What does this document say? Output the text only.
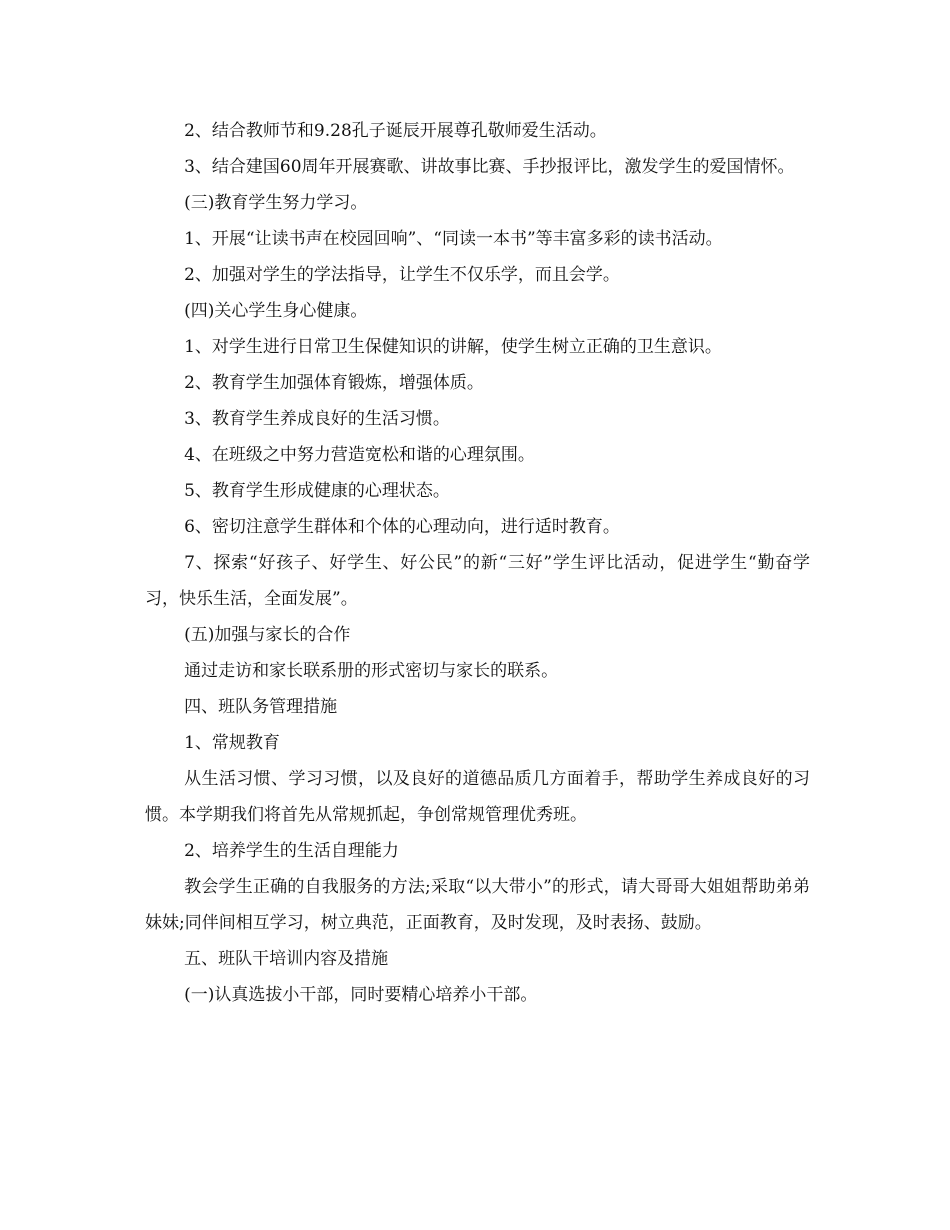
2、结合教师节和9.28孔子诞辰开展尊孔敬师爱生活动。

3、结合建国60周年开展赛歌、讲故事比赛、手抄报评比，激发学生的爱国情怀。

(三)教育学生努力学习。

1、开展“让读书声在校园回响”、“同读一本书”等丰富多彩的读书活动。

2、加强对学生的学法指导，让学生不仅乐学，而且会学。

(四)关心学生身心健康。

1、对学生进行日常卫生保健知识的讲解，使学生树立正确的卫生意识。

2、教育学生加强体育锻炼，增强体质。

3、教育学生养成良好的生活习惯。

4、在班级之中努力营造宽松和谐的心理氛围。

5、教育学生形成健康的心理状态。

6、密切注意学生群体和个体的心理动向，进行适时教育。

7、探索“好孩子、好学生、好公民”的新“三好”学生评比活动，促进学生“勤奋学习，快乐生活，全面发展”。

(五)加强与家长的合作

通过走访和家长联系册的形式密切与家长的联系。

四、班队务管理措施

1、常规教育

从生活习惯、学习习惯，以及良好的道德品质几方面着手，帮助学生养成良好的习惯。本学期我们将首先从常规抓起，争创常规管理优秀班。

2、培养学生的生活自理能力

教会学生正确的自我服务的方法;采取“以大带小”的形式，请大哥哥大姐姐帮助弟弟妹妹;同伴间相互学习，树立典范，正面教育，及时发现，及时表扬、鼓励。

五、班队干培训内容及措施

(一)认真选拔小干部，同时要精心培养小干部。
